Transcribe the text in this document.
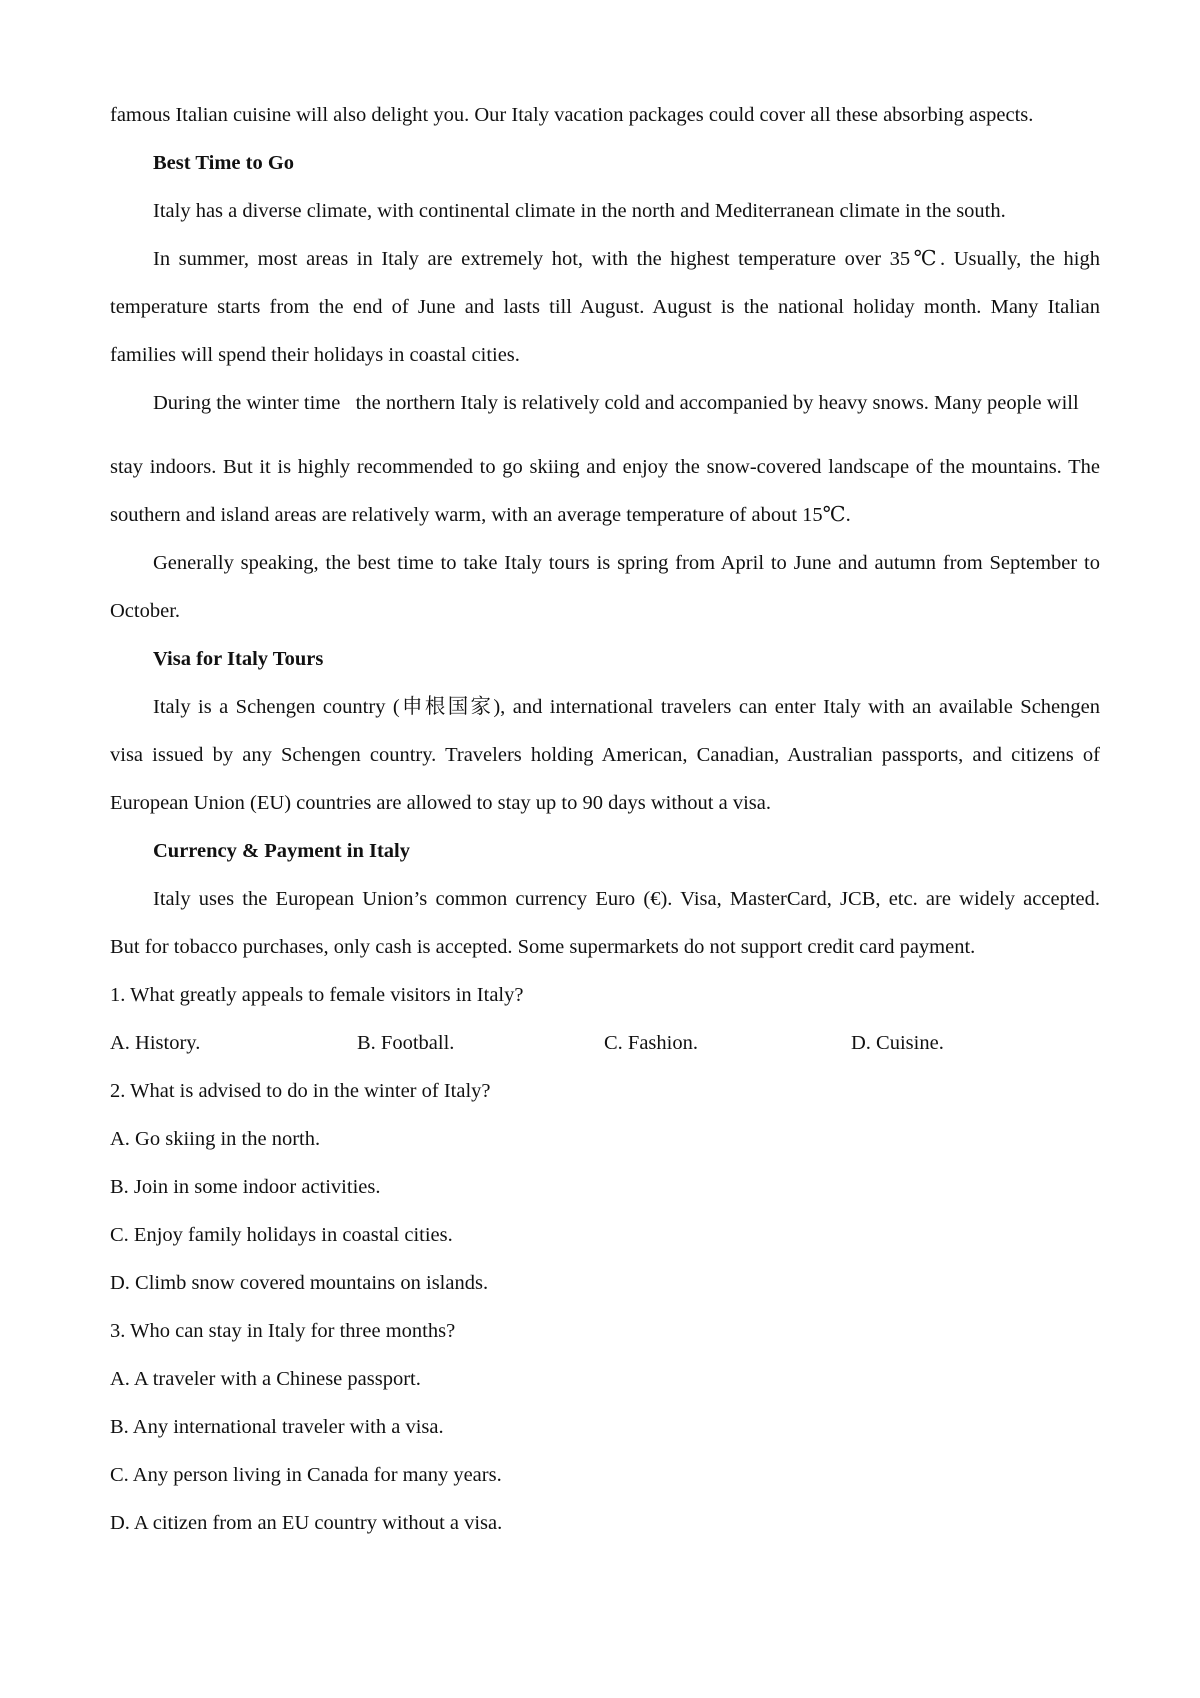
famous Italian cuisine will also delight you. Our Italy vacation packages could cover all these absorbing aspects.

Best Time to Go

Italy has a diverse climate, with continental climate in the north and Mediterranean climate in the south.

In summer, most areas in Italy are extremely hot, with the highest temperature over 35℃. Usually, the high

temperature starts from the end of June and lasts till August. August is the national holiday month. Many Italian

families will spend their holidays in coastal cities.

During the winter time   the northern Italy is relatively cold and accompanied by heavy snows. Many people will

stay indoors. But it is highly recommended to go skiing and enjoy the snow-covered landscape of the mountains. The

southern and island areas are relatively warm, with an average temperature of about 15℃.

Generally speaking, the best time to take Italy tours is spring from April to June and autumn from September to

October.

Visa for Italy Tours

Italy is a Schengen country (申根国家), and international travelers can enter Italy with an available Schengen

visa issued by any Schengen country. Travelers holding American, Canadian, Australian passports, and citizens of

European Union (EU) countries are allowed to stay up to 90 days without a visa.

Currency & Payment in Italy

Italy uses the European Union’s common currency Euro (€). Visa, MasterCard, JCB, etc. are widely accepted.

But for tobacco purchases, only cash is accepted. Some supermarkets do not support credit card payment.

1. What greatly appeals to female visitors in Italy?

A. History.	B. Football.	C. Fashion.	D. Cuisine.

2. What is advised to do in the winter of Italy?

A. Go skiing in the north.

B. Join in some indoor activities.

C. Enjoy family holidays in coastal cities.

D. Climb snow covered mountains on islands.

3. Who can stay in Italy for three months?

A. A traveler with a Chinese passport.

B. Any international traveler with a visa.

C. Any person living in Canada for many years.

D. A citizen from an EU country without a visa.
